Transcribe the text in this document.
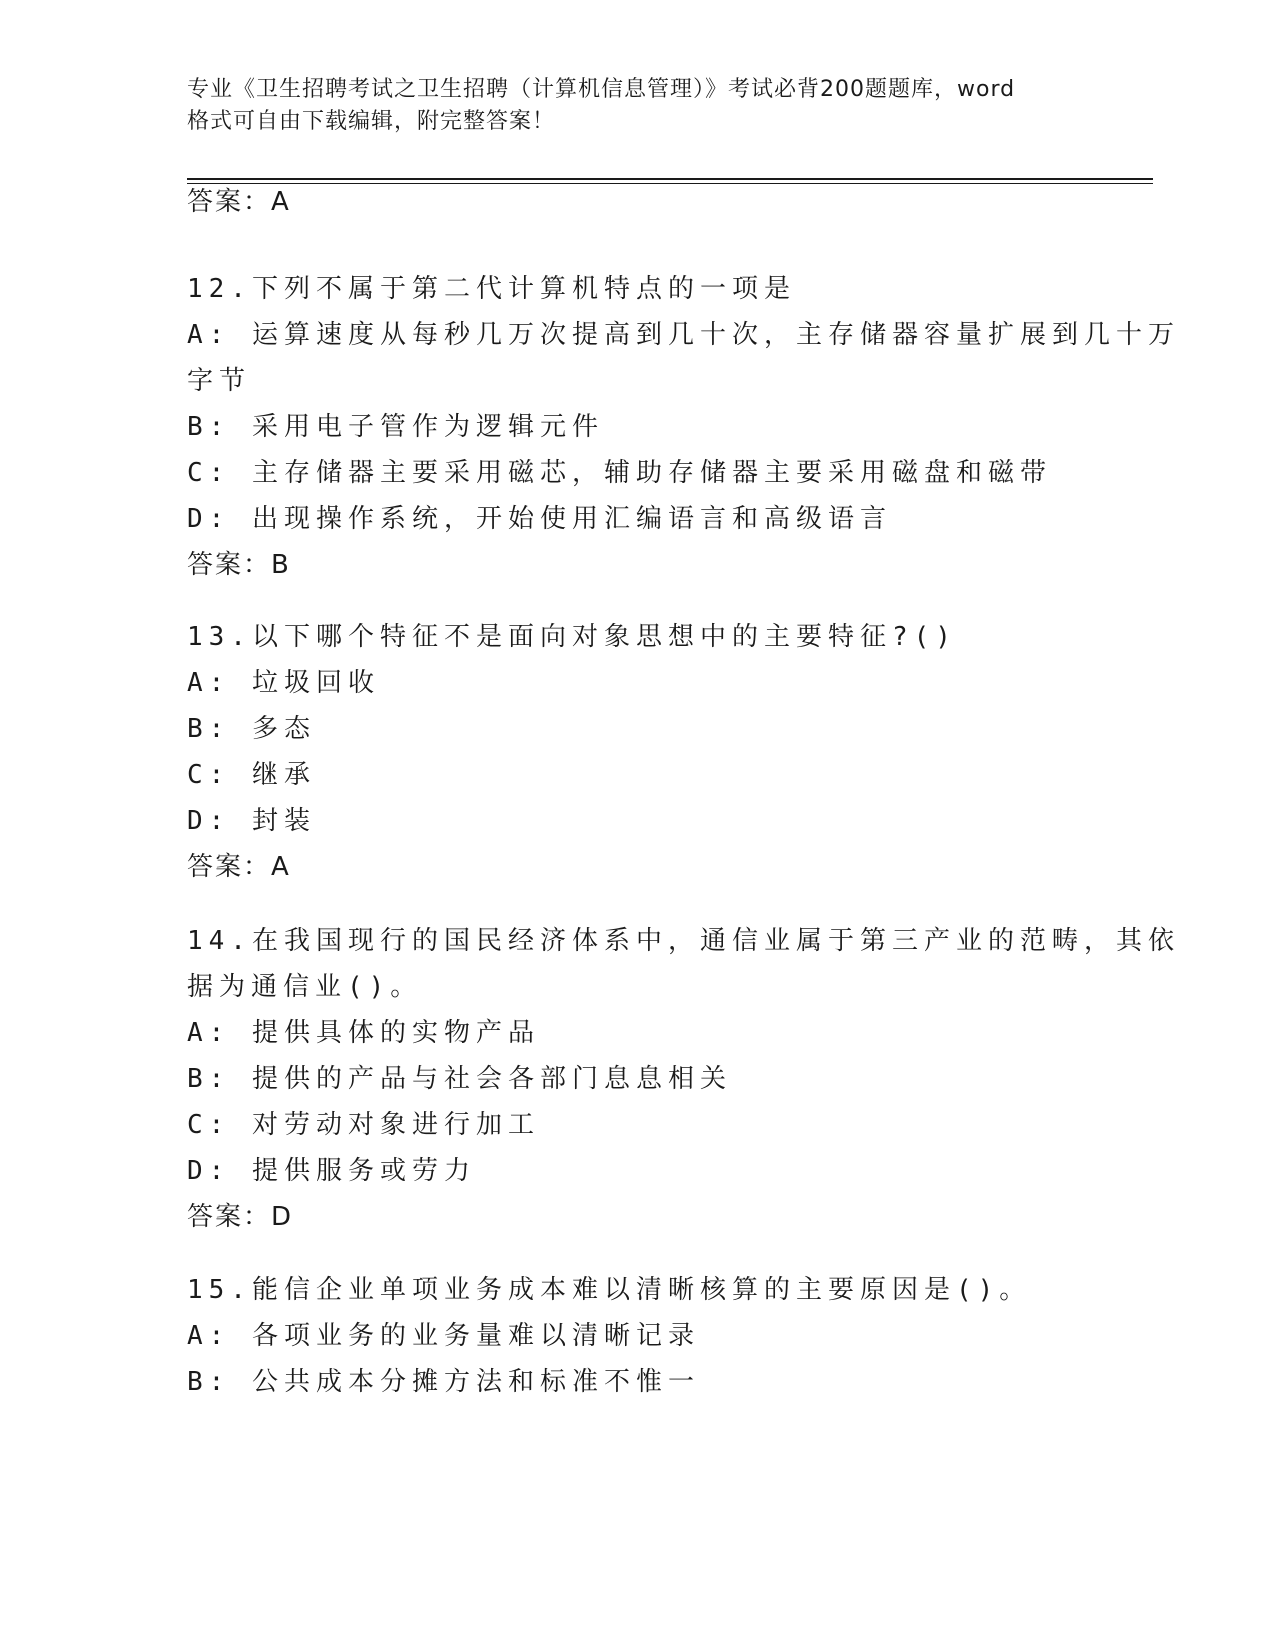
专业《卫生招聘考试之卫生招聘（计算机信息管理）》考试必背200题题库，word
格式可自由下载编辑，附完整答案！
答案：A
12.下列不属于第二代计算机特点的一项是
A: 运算速度从每秒几万次提高到几十次，主存储器容量扩展到几十万
字节
B: 采用电子管作为逻辑元件
C: 主存储器主要采用磁芯，辅助存储器主要采用磁盘和磁带
D: 出现操作系统，开始使用汇编语言和高级语言
答案：B
13.以下哪个特征不是面向对象思想中的主要特征?()
A: 垃圾回收
B: 多态
C: 继承
D: 封装
答案：A
14.在我国现行的国民经济体系中，通信业属于第三产业的范畴，其依
据为通信业()。
A: 提供具体的实物产品
B: 提供的产品与社会各部门息息相关
C: 对劳动对象进行加工
D: 提供服务或劳力
答案：D
15.能信企业单项业务成本难以清晰核算的主要原因是()。
A: 各项业务的业务量难以清晰记录
B: 公共成本分摊方法和标准不惟一
